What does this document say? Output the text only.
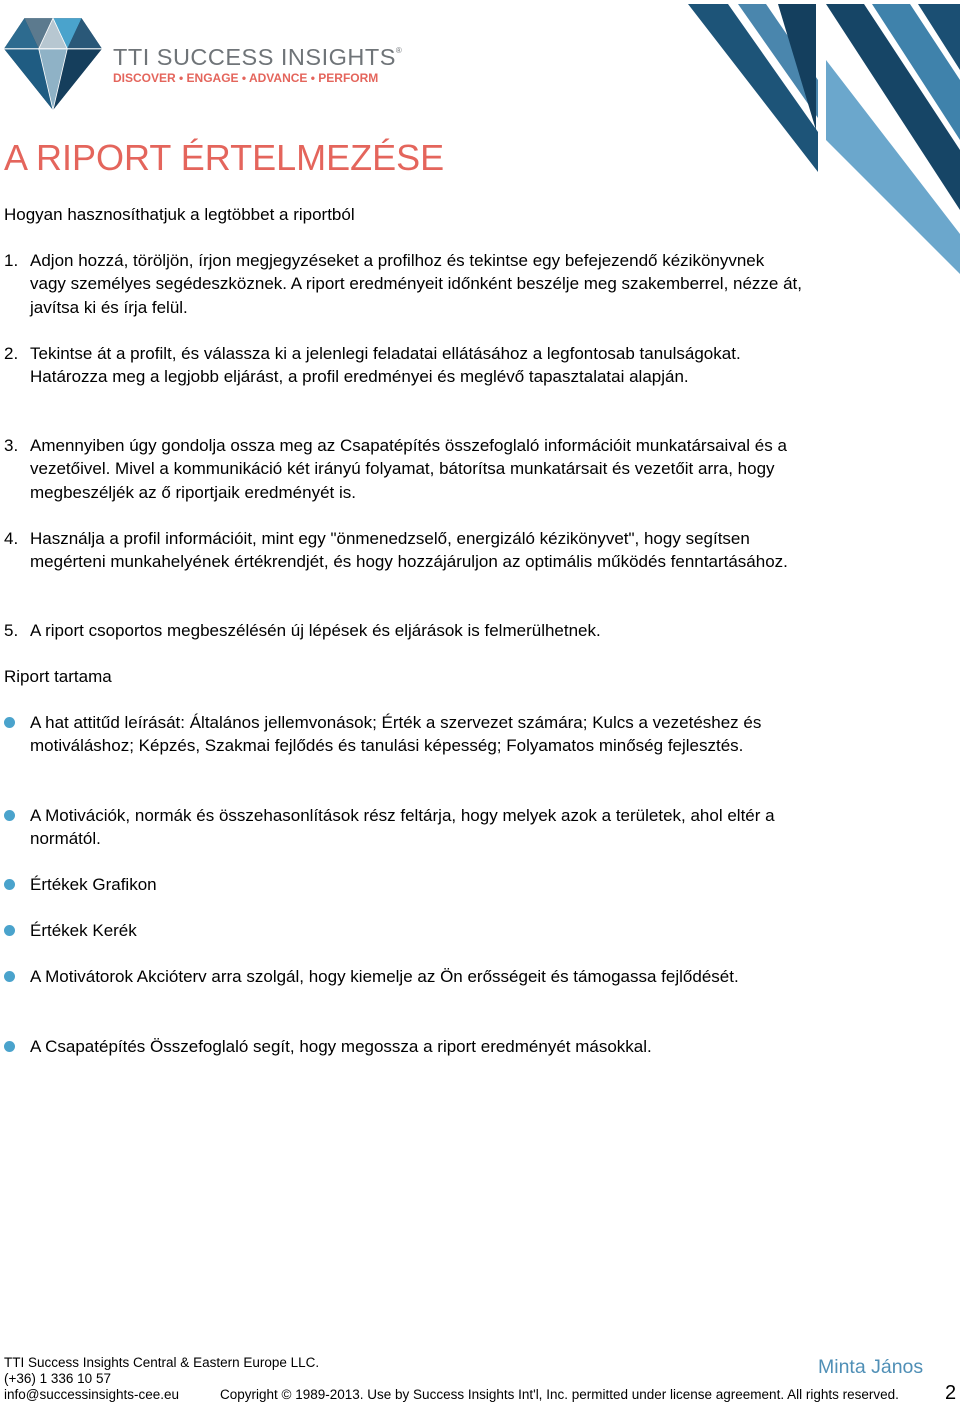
TTI SUCCESS INSIGHTS®
DISCOVER • ENGAGE • ADVANCE • PERFORM
A RIPORT ÉRTELMEZÉSE
Hogyan hasznosíthatjuk a legtöbbet a riportból
1. Adjon hozzá, töröljön, írjon megjegyzéseket a profilhoz és tekintse egy befejezendő kézikönyvnek vagy személyes segédeszköznek. A riport eredményeit időnként beszélje meg szakemberrel, nézze át, javítsa ki és írja felül.
2. Tekintse át a profilt, és válassza ki a jelenlegi feladatai ellátásához a legfontosab tanulságokat. Határozza meg a legjobb eljárást, a profil eredményei és meglévő tapasztalatai alapján.
3. Amennyiben úgy gondolja ossza meg az Csapatépítés összefoglaló információit munkatársaival és a vezetőivel. Mivel a kommunikáció két irányú folyamat, bátorítsa munkatársait és vezetőit arra, hogy megbeszéljék az ő riportjaik eredményét is.
4. Használja a profil információit, mint egy "önmenedzselő, energizáló kézikönyvet", hogy segítsen megérteni munkahelyének értékrendjét, és hogy hozzájáruljon az optimális működés fenntartásához.
5. A riport csoportos megbeszélésén új lépések és eljárások is felmerülhetnek.
Riport tartama
A hat attitűd leírását: Általános jellemvonások; Érték a szervezet számára; Kulcs a vezetéshez és motiváláshoz; Képzés, Szakmai fejlődés és tanulási képesség; Folyamatos minőség fejlesztés.
A Motivációk, normák és összehasonlítások rész feltárja, hogy melyek azok a területek, ahol eltér a normától.
Értékek Grafikon
Értékek Kerék
A Motivátorok Akcióterv arra szolgál, hogy kiemelje az Ön erősségeit és támogassa fejlődését.
A Csapatépítés Összefoglaló segít, hogy megossza a riport eredményét másokkal.
TTI Success Insights Central & Eastern Europe LLC.
(+36) 1 336 10 57
info@successinsights-cee.eu	Copyright © 1989-2013. Use by Success Insights Int'l, Inc. permitted under license agreement. All rights reserved.
Minta János
2
